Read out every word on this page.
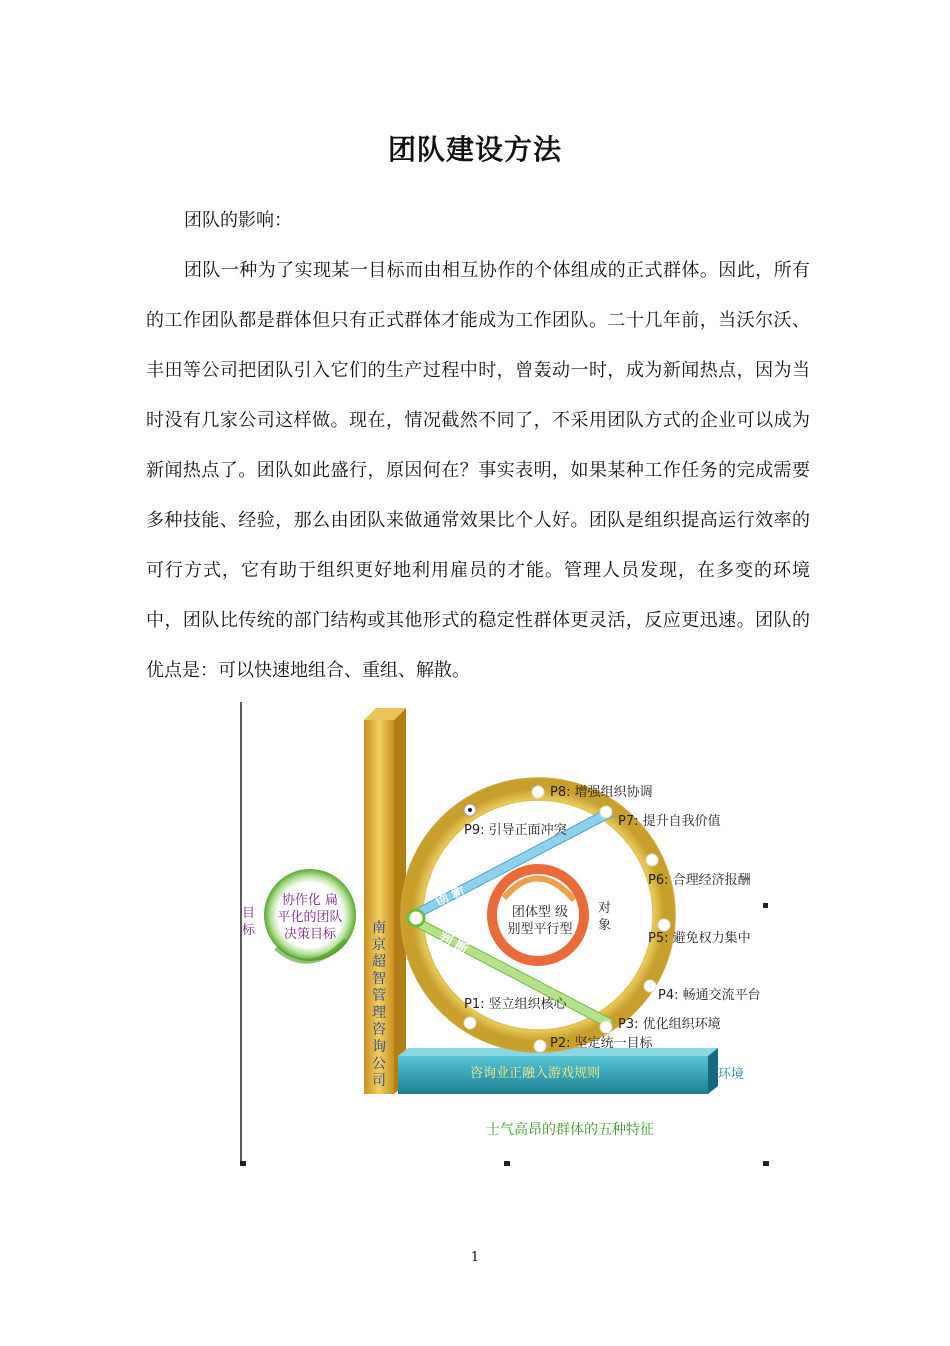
团队建设方法
团队的影响：
团队一种为了实现某一目标而由相互协作的个体组成的正式群体。因此，所有的工作团队都是群体但只有正式群体才能成为工作团队。二十几年前，当沃尔沃、丰田等公司把团队引入它们的生产过程中时，曾轰动一时，成为新闻热点，因为当时没有几家公司这样做。现在，情况截然不同了，不采用团队方式的企业可以成为新闻热点了。团队如此盛行，原因何在？事实表明，如果某种工作任务的完成需要多种技能、经验，那么由团队来做通常效果比个人好。团队是组织提高运行效率的可行方式，它有助于组织更好地利用雇员的才能。管理人员发现，在多变的环境中，团队比传统的部门结构或其他形式的稳定性群体更灵活，反应更迅速。团队的优点是：可以快速地组合、重组、解散。
目
标
协作化 扁
平化的团队
决策目标	南
京
超
智
管
理
咨
询
公
司	咨询业正融入游戏规则	环境
创 新
判 断
团体型 级
别型平行型
对
象
P8: 增强组织协调
P9: 引导正面冲突
P7: 提升自我价值
P6: 合理经济报酬
P5: 避免权力集中
P4: 畅通交流平台
P3: 优化组织环境
P2: 坚定统一目标
P1: 竖立组织核心
士气高昂的群体的五种特征
1
